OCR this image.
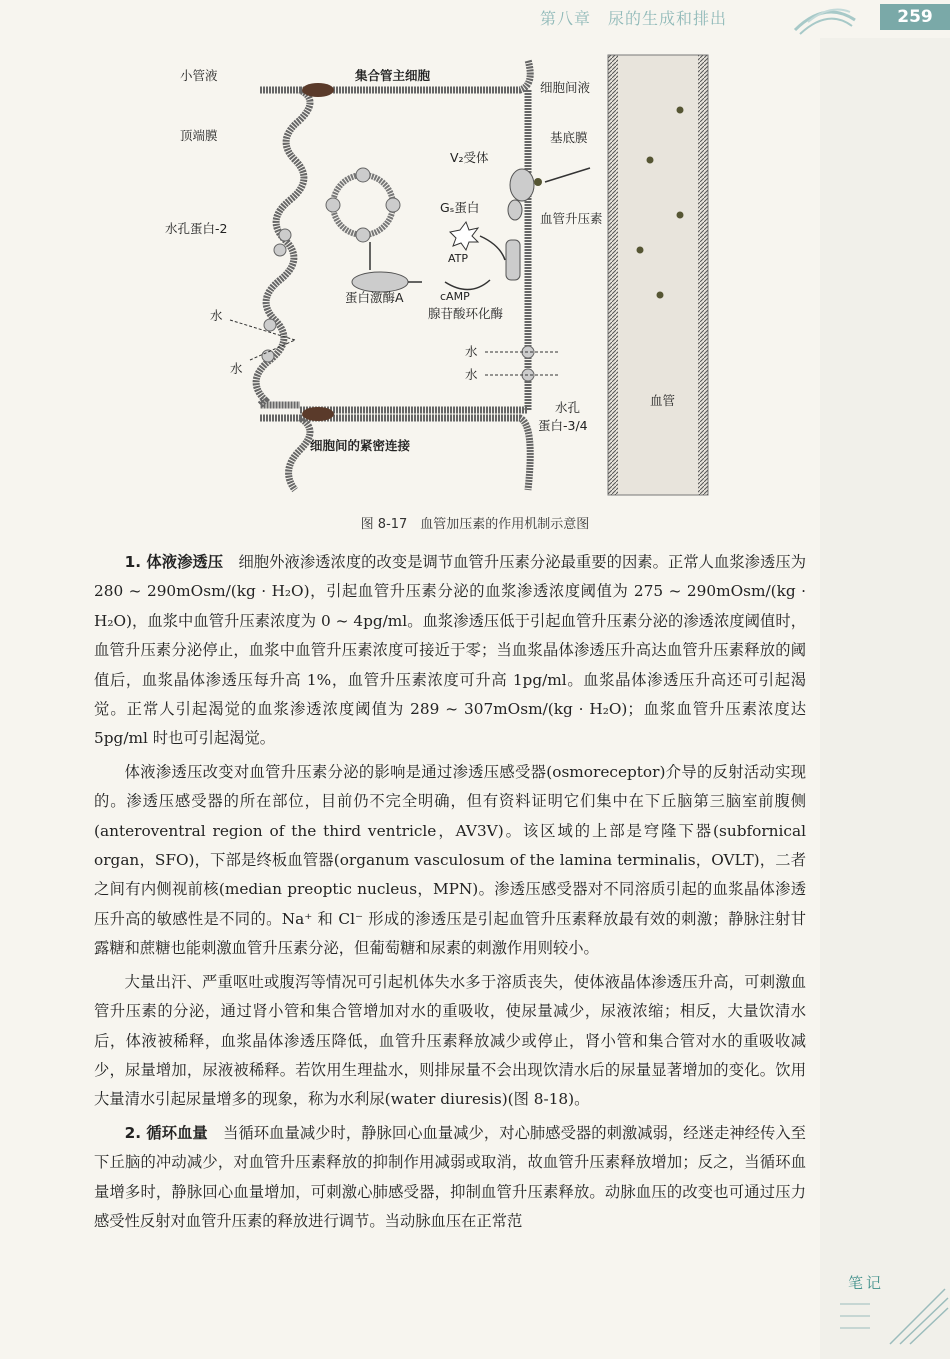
第八章　尿的生成和排出	259
小管液	集合管主细胞
细胞间液
顶端膜	基底膜
V₂受体
Gₛ蛋白
血管升压素
水孔蛋白-2
ATP
cAMP
蛋白激酶A
腺苷酸环化酶
水
水
水
水
水孔
蛋白-3/4
血管
细胞间的紧密连接
图 8-17　血管加压素的作用机制示意图

1. 体液渗透压　 细胞外液渗透浓度的改变是调节血管升压素分泌最重要的因素。正常人血浆渗透压为 280 ~ 290mOsm/(kg · H₂O)，引起血管升压素分泌的血浆渗透浓度阈值为 275 ~ 290mOsm/(kg · H₂O)，血浆中血管升压素浓度为 0 ~ 4pg/ml。血浆渗透压低于引起血管升压素分泌的渗透浓度阈值时，血管升压素分泌停止，血浆中血管升压素浓度可接近于零；当血浆晶体渗透压升高达血管升压素释放的阈值后，血浆晶体渗透压每升高 1%，血管升压素浓度可升高 1pg/ml。血浆晶体渗透压升高还可引起渴觉。正常人引起渴觉的血浆渗透浓度阈值为 289 ~ 307mOsm/(kg · H₂O)；血浆血管升压素浓度达 5pg/ml 时也可引起渴觉。

体液渗透压改变对血管升压素分泌的影响是通过渗透压感受器(osmoreceptor)介导的反射活动实现的。渗透压感受器的所在部位，目前仍不完全明确，但有资料证明它们集中在下丘脑第三脑室前腹侧(anteroventral region of the third ventricle，AV3V)。该区域的上部是穹隆下器(subfornical organ，SFO)，下部是终板血管器(organum vasculosum of the lamina terminalis，OVLT)，二者之间有内侧视前核(median preoptic nucleus，MPN)。渗透压感受器对不同溶质引起的血浆晶体渗透压升高的敏感性是不同的。Na⁺ 和 Cl⁻ 形成的渗透压是引起血管升压素释放最有效的刺激；静脉注射甘露糖和蔗糖也能刺激血管升压素分泌，但葡萄糖和尿素的刺激作用则较小。

大量出汗、严重呕吐或腹泻等情况可引起机体失水多于溶质丧失，使体液晶体渗透压升高，可刺激血管升压素的分泌，通过肾小管和集合管增加对水的重吸收，使尿量减少，尿液浓缩；相反，大量饮清水后，体液被稀释，血浆晶体渗透压降低，血管升压素释放减少或停止，肾小管和集合管对水的重吸收减少，尿量增加，尿液被稀释。若饮用生理盐水，则排尿量不会出现饮清水后的尿量显著增加的变化。饮用大量清水引起尿量增多的现象，称为水利尿(water diuresis)(图 8-18)。

2. 循环血量　 当循环血量减少时，静脉回心血量减少，对心肺感受器的刺激减弱，经迷走神经传入至下丘脑的冲动减少，对血管升压素释放的抑制作用减弱或取消，故血管升压素释放增加；反之，当循环血量增多时，静脉回心血量增加，可刺激心肺感受器，抑制血管升压素释放。动脉血压的改变也可通过压力感受性反射对血管升压素的释放进行调节。当动脉血压在正常范

笔记
